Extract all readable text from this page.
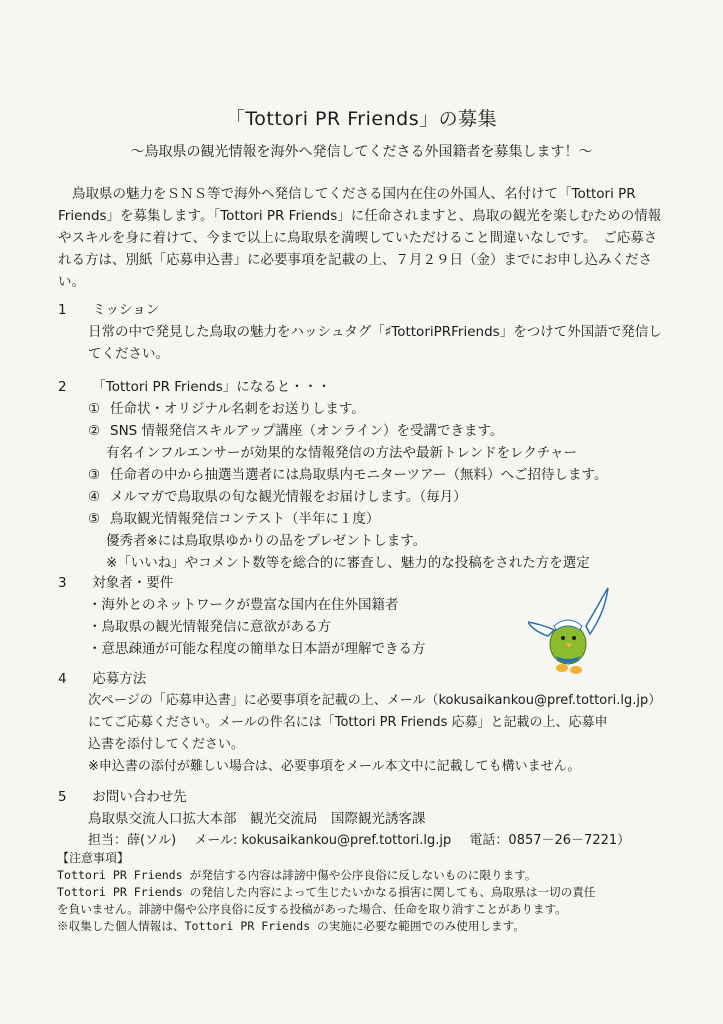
「Tottori PR Friends」の募集
～鳥取県の観光情報を海外へ発信してくださる外国籍者を募集します！～
鳥取県の魅力をＳＮＳ等で海外へ発信してくださる国内在住の外国人、名付けて「Tottori PR Friends」を募集します。「Tottori PR Friends」に任命されますと、鳥取の観光を楽しむための情報やスキルを身に着けて、今まで以上に鳥取県を満喫していただけること間違いなしです。　ご応募される方は、別紙「応募申込書」に必要事項を記載の上、７月２９日（金）までにお申し込みください。
1 ミッション
日常の中で発見した鳥取の魅力をハッシュタグ「♯TottoriPRFriends」をつけて外国語で発信してください。
2 「Tottori PR Friends」になると・・・
① 任命状・オリジナル名刺をお送りします。
② SNS 情報発信スキルアップ講座（オンライン）を受講できます。
有名インフルエンサーが効果的な情報発信の方法や最新トレンドをレクチャー
③ 任命者の中から抽選当選者には鳥取県内モニターツアー（無料）へご招待します。
④ メルマガで鳥取県の旬な観光情報をお届けします。（毎月）
⑤ 鳥取観光情報発信コンテスト（半年に１度）
優秀者※には鳥取県ゆかりの品をプレゼントします。
※「いいね」やコメント数等を総合的に審査し、魅力的な投稿をされた方を選定
3 対象者・要件
・海外とのネットワークが豊富な国内在住外国籍者
・鳥取県の観光情報発信に意欲がある方
・意思疎通が可能な程度の簡単な日本語が理解できる方
4 応募方法
次ページの「応募申込書」に必要事項を記載の上、メール（kokusaikankou@pref.tottori.lg.jp）
にてご応募ください。メールの件名には「Tottori PR Friends 応募」と記載の上、応募申
込書を添付してください。
※申込書の添付が難しい場合は、必要事項をメール本文中に記載しても構いません。
5 お問い合わせ先
鳥取県交流人口拡大本部　観光交流局　国際観光誘客課
担当：薛(ソル) メール: kokusaikankou@pref.tottori.lg.jp 電話：0857－26－7221）
【注意事項】
Tottori PR Friends が発信する内容は誹謗中傷や公序良俗に反しないものに限ります。
Tottori PR Friends の発信した内容によって生じたいかなる損害に関しても、鳥取県は一切の責任
を負いません。誹謗中傷や公序良俗に反する投稿があった場合、任命を取り消すことがあります。
※収集した個人情報は、Tottori PR Friends の実施に必要な範囲でのみ使用します。
